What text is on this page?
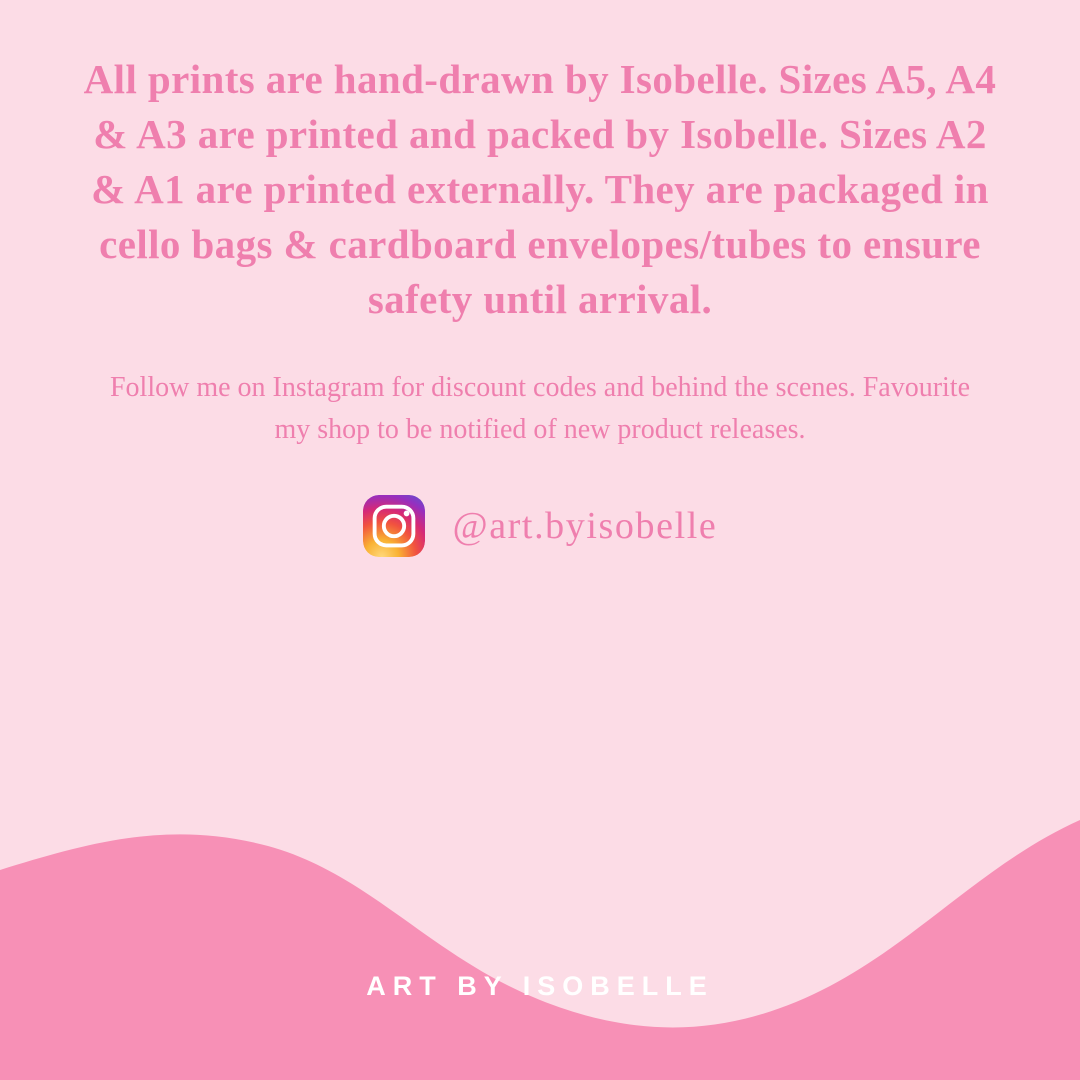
All prints are hand-drawn by Isobelle. Sizes A5, A4 & A3 are printed and packed by Isobelle. Sizes A2 & A1 are printed externally. They are packaged in cello bags & cardboard envelopes/tubes to ensure safety until arrival.

Follow me on Instagram for discount codes and behind the scenes. Favourite my shop to be notified of new product releases.

@art.byisobelle
ART BY ISOBELLE
